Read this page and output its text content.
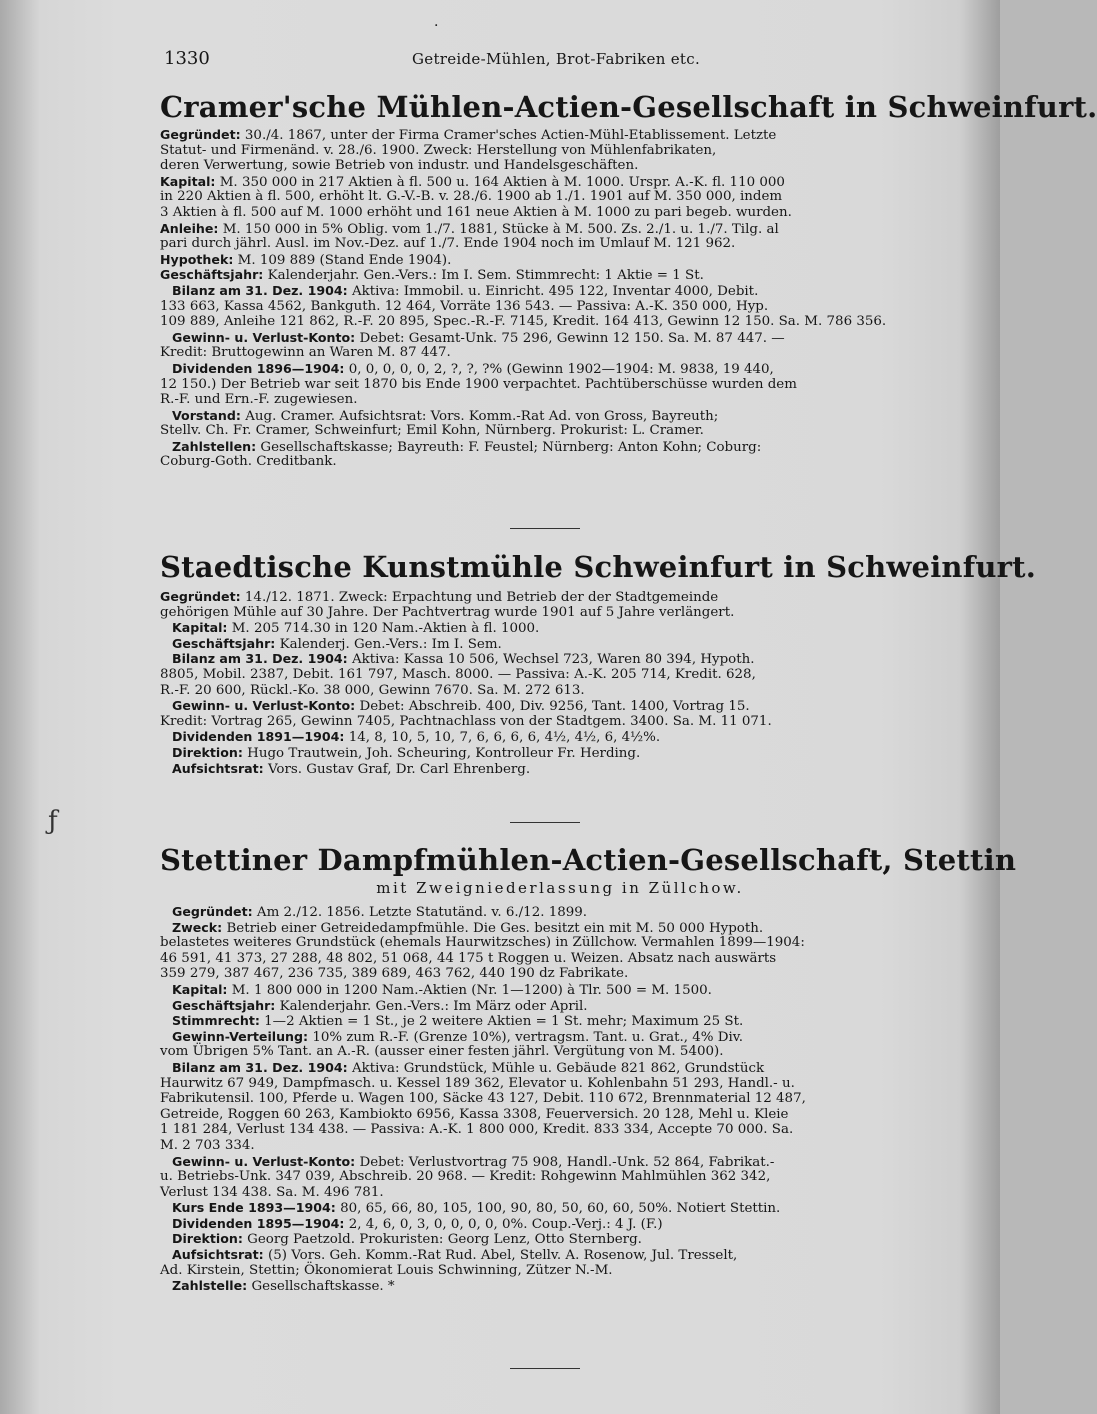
·
1330	Getreide-Mühlen, Brot-Fabriken etc.
ƒ
Cramer'sche Mühlen-Actien-Gesellschaft in Schweinfurt.
Gegründet: 30./4. 1867, unter der Firma Cramer'sches Actien-Mühl-Etablissement. Letzte
Statut- und Firmenänd. v. 28./6. 1900. Zweck: Herstellung von Mühlenfabrikaten,
deren Verwertung, sowie Betrieb von industr. und Handelsgeschäften.
Kapital: M. 350 000 in 217 Aktien à fl. 500 u. 164 Aktien à M. 1000. Urspr. A.-K. fl. 110 000
in 220 Aktien à fl. 500, erhöht lt. G.-V.-B. v. 28./6. 1900 ab 1./1. 1901 auf M. 350 000, indem
3 Aktien à fl. 500 auf M. 1000 erhöht und 161 neue Aktien à M. 1000 zu pari begeb. wurden.
Anleihe: M. 150 000 in 5% Oblig. vom 1./7. 1881, Stücke à M. 500. Zs. 2./1. u. 1./7. Tilg. al
pari durch jährl. Ausl. im Nov.-Dez. auf 1./7. Ende 1904 noch im Umlauf M. 121 962.
Hypothek: M. 109 889 (Stand Ende 1904).
Geschäftsjahr: Kalenderjahr. Gen.-Vers.: Im I. Sem. Stimmrecht: 1 Aktie = 1 St.
Bilanz am 31. Dez. 1904: Aktiva: Immobil. u. Einricht. 495 122, Inventar 4000, Debit.
133 663, Kassa 4562, Bankguth. 12 464, Vorräte 136 543. — Passiva: A.-K. 350 000, Hyp.
109 889, Anleihe 121 862, R.-F. 20 895, Spec.-R.-F. 7145, Kredit. 164 413, Gewinn 12 150. Sa. M. 786 356.
Gewinn- u. Verlust-Konto: Debet: Gesamt-Unk. 75 296, Gewinn 12 150. Sa. M. 87 447. —
Kredit: Bruttogewinn an Waren M. 87 447.
Dividenden 1896—1904: 0, 0, 0, 0, 0, 2, ?, ?, ?% (Gewinn 1902—1904: M. 9838, 19 440,
12 150.) Der Betrieb war seit 1870 bis Ende 1900 verpachtet. Pachtüberschüsse wurden dem
R.-F. und Ern.-F. zugewiesen.
Vorstand: Aug. Cramer. Aufsichtsrat: Vors. Komm.-Rat Ad. von Gross, Bayreuth;
Stellv. Ch. Fr. Cramer, Schweinfurt; Emil Kohn, Nürnberg. Prokurist: L. Cramer.
Zahlstellen: Gesellschaftskasse; Bayreuth: F. Feustel; Nürnberg: Anton Kohn; Coburg:
Coburg-Goth. Creditbank.
Staedtische Kunstmühle Schweinfurt in Schweinfurt.
Gegründet: 14./12. 1871. Zweck: Erpachtung und Betrieb der der Stadtgemeinde
gehörigen Mühle auf 30 Jahre. Der Pachtvertrag wurde 1901 auf 5 Jahre verlängert.
Kapital: M. 205 714.30 in 120 Nam.-Aktien à fl. 1000.
Geschäftsjahr: Kalenderj. Gen.-Vers.: Im I. Sem.
Bilanz am 31. Dez. 1904: Aktiva: Kassa 10 506, Wechsel 723, Waren 80 394, Hypoth.
8805, Mobil. 2387, Debit. 161 797, Masch. 8000. — Passiva: A.-K. 205 714, Kredit. 628,
R.-F. 20 600, Rückl.-Ko. 38 000, Gewinn 7670. Sa. M. 272 613.
Gewinn- u. Verlust-Konto: Debet: Abschreib. 400, Div. 9256, Tant. 1400, Vortrag 15.
Kredit: Vortrag 265, Gewinn 7405, Pachtnachlass von der Stadtgem. 3400. Sa. M. 11 071.
Dividenden 1891—1904: 14, 8, 10, 5, 10, 7, 6, 6, 6, 6, 4½, 4½, 6, 4½%.
Direktion: Hugo Trautwein, Joh. Scheuring, Kontrolleur Fr. Herding.
Aufsichtsrat: Vors. Gustav Graf, Dr. Carl Ehrenberg.
Stettiner Dampfmühlen-Actien-Gesellschaft, Stettin
mit Zweigniederlassung in Züllchow.
Gegründet: Am 2./12. 1856. Letzte Statutänd. v. 6./12. 1899.
Zweck: Betrieb einer Getreidedampfmühle. Die Ges. besitzt ein mit M. 50 000 Hypoth.
belastetes weiteres Grundstück (ehemals Haurwitzsches) in Züllchow. Vermahlen 1899—1904:
46 591, 41 373, 27 288, 48 802, 51 068, 44 175 t Roggen u. Weizen. Absatz nach auswärts
359 279, 387 467, 236 735, 389 689, 463 762, 440 190 dz Fabrikate.
Kapital: M. 1 800 000 in 1200 Nam.-Aktien (Nr. 1—1200) à Tlr. 500 = M. 1500.
Geschäftsjahr: Kalenderjahr. Gen.-Vers.: Im März oder April.
Stimmrecht: 1—2 Aktien = 1 St., je 2 weitere Aktien = 1 St. mehr; Maximum 25 St.
Gewinn-Verteilung: 10% zum R.-F. (Grenze 10%), vertragsm. Tant. u. Grat., 4% Div.
vom Übrigen 5% Tant. an A.-R. (ausser einer festen jährl. Vergütung von M. 5400).
Bilanz am 31. Dez. 1904: Aktiva: Grundstück, Mühle u. Gebäude 821 862, Grundstück
Haurwitz 67 949, Dampfmasch. u. Kessel 189 362, Elevator u. Kohlenbahn 51 293, Handl.- u.
Fabrikutensil. 100, Pferde u. Wagen 100, Säcke 43 127, Debit. 110 672, Brennmaterial 12 487,
Getreide, Roggen 60 263, Kambiokto 6956, Kassa 3308, Feuerversich. 20 128, Mehl u. Kleie
1 181 284, Verlust 134 438. — Passiva: A.-K. 1 800 000, Kredit. 833 334, Accepte 70 000. Sa.
M. 2 703 334.
Gewinn- u. Verlust-Konto: Debet: Verlustvortrag 75 908, Handl.-Unk. 52 864, Fabrikat.-
u. Betriebs-Unk. 347 039, Abschreib. 20 968. — Kredit: Rohgewinn Mahlmühlen 362 342,
Verlust 134 438. Sa. M. 496 781.
Kurs Ende 1893—1904: 80, 65, 66, 80, 105, 100, 90, 80, 50, 60, 60, 50%. Notiert Stettin.
Dividenden 1895—1904: 2, 4, 6, 0, 3, 0, 0, 0, 0, 0%. Coup.-Verj.: 4 J. (F.)
Direktion: Georg Paetzold. Prokuristen: Georg Lenz, Otto Sternberg.
Aufsichtsrat: (5) Vors. Geh. Komm.-Rat Rud. Abel, Stellv. A. Rosenow, Jul. Tresselt,
Ad. Kirstein, Stettin; Ökonomierat Louis Schwinning, Zützer N.-M.
Zahlstelle: Gesellschaftskasse. *
